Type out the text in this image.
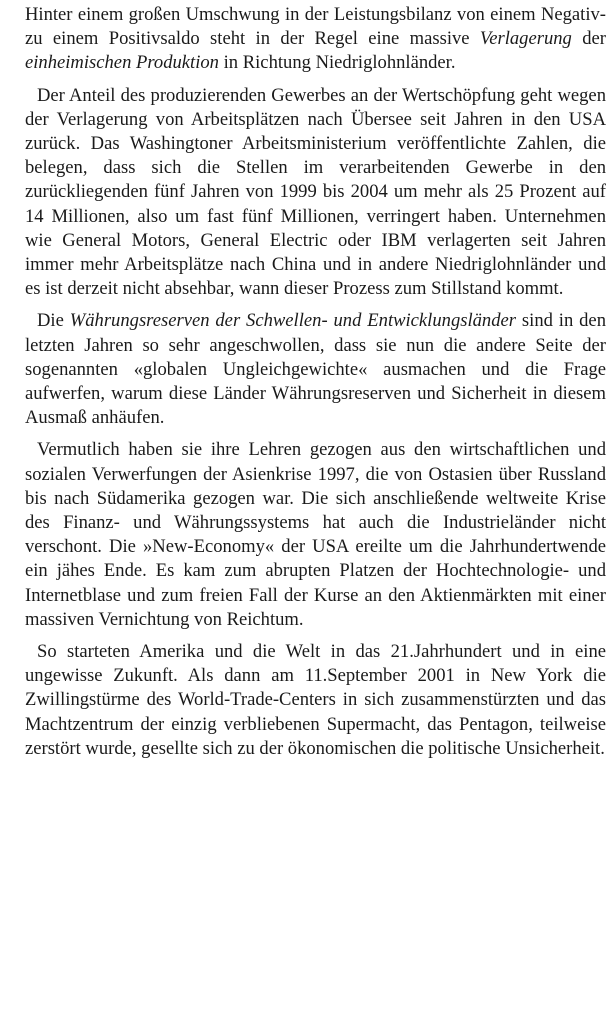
Hinter einem großen Umschwung in der Leistungsbilanz von einem Negativ- zu einem Positivsaldo steht in der Regel eine massive Verlagerung der einheimischen Produktion in Richtung Niedriglohnländer.

Der Anteil des produzierenden Gewerbes an der Wertschöpfung geht wegen der Verlagerung von Arbeitsplätzen nach Übersee seit Jahren in den USA zurück. Das Washingtoner Arbeitsministerium veröffentlichte Zahlen, die belegen, dass sich die Stellen im verarbeitenden Gewerbe in den zurückliegenden fünf Jahren von 1999 bis 2004 um mehr als 25 Prozent auf 14 Millionen, also um fast fünf Millionen, verringert haben. Unternehmen wie General Motors, General Electric oder IBM verlagerten seit Jahren immer mehr Arbeitsplätze nach China und in andere Niedriglohnländer und es ist derzeit nicht absehbar, wann dieser Prozess zum Stillstand kommt.

Die Währungsreserven der Schwellen- und Entwicklungsländer sind in den letzten Jahren so sehr angeschwollen, dass sie nun die andere Seite der sogenannten «globalen Ungleichgewichte« ausmachen und die Frage aufwerfen, warum diese Länder Währungsreserven und Sicherheit in diesem Ausmaß anhäufen.

Vermutlich haben sie ihre Lehren gezogen aus den wirtschaftlichen und sozialen Verwerfungen der Asienkrise 1997, die von Ostasien über Russland bis nach Südamerika gezogen war. Die sich anschließende weltweite Krise des Finanz- und Währungssystems hat auch die Industrieländer nicht verschont. Die »New-Economy« der USA ereilte um die Jahrhundertwende ein jähes Ende. Es kam zum abrupten Platzen der Hochtechnologie- und Internetblase und zum freien Fall der Kurse an den Aktienmärkten mit einer massiven Vernichtung von Reichtum.

So starteten Amerika und die Welt in das 21.Jahrhundert und in eine ungewisse Zukunft. Als dann am 11.September 2001 in New York die Zwillingstürme des World-Trade-Centers in sich zusammenstürzten und das Machtzentrum der einzig verbliebenen Supermacht, das Pentagon, teilweise zerstört wurde, gesellte sich zu der ökonomischen die politische Unsicherheit.
